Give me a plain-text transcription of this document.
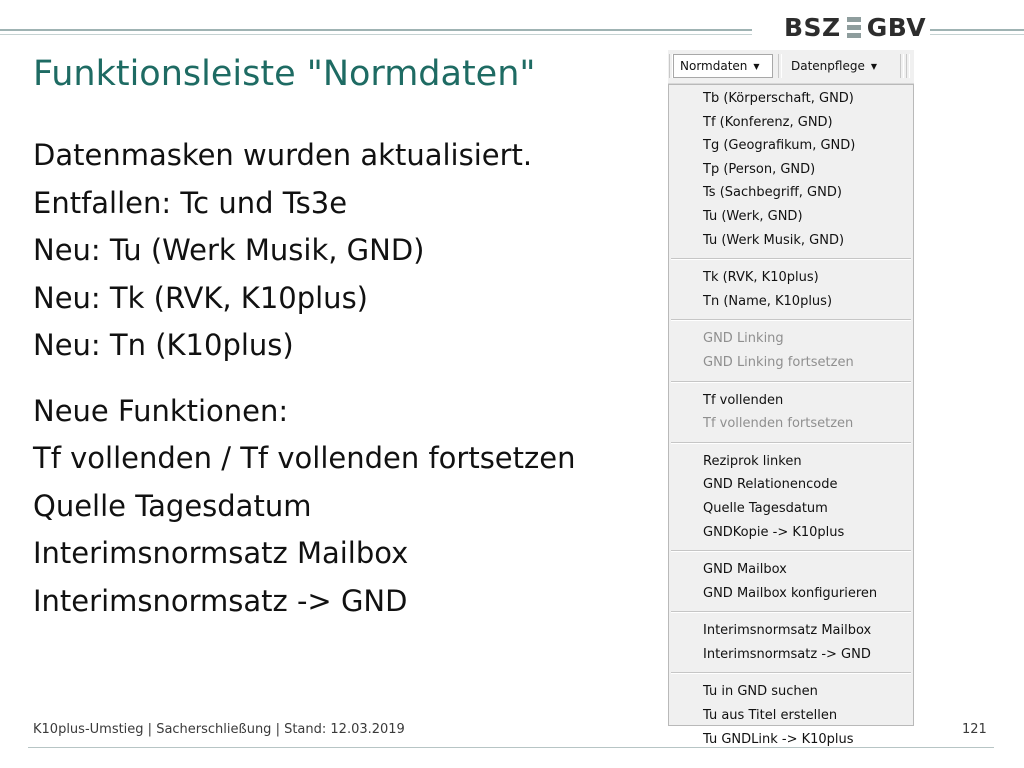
BSZ GBV
Funktionsleiste "Normdaten"
Datenmasken wurden aktualisiert.
Entfallen: Tc und Ts3e
Neu: Tu (Werk Musik, GND)
Neu: Tk (RVK, K10plus)
Neu: Tn (K10plus)
Neue Funktionen:
Tf vollenden / Tf vollenden fortsetzen
Quelle Tagesdatum
Interimsnormsatz Mailbox
Interimsnormsatz -> GND
Normdaten ▼	Datenpflege ▼
Tb (Körperschaft, GND)
Tf (Konferenz, GND)
Tg (Geografikum, GND)
Tp (Person, GND)
Ts (Sachbegriff, GND)
Tu (Werk, GND)
Tu (Werk Musik, GND)
Tk (RVK, K10plus)
Tn (Name, K10plus)
GND Linking
GND Linking fortsetzen
Tf vollenden
Tf vollenden fortsetzen
Reziprok linken
GND Relationencode
Quelle Tagesdatum
GNDKopie -> K10plus
GND Mailbox
GND Mailbox konfigurieren
Interimsnormsatz Mailbox
Interimsnormsatz -> GND
Tu in GND suchen
Tu aus Titel erstellen
Tu GNDLink -> K10plus
K10plus-Umstieg | Sacherschließung | Stand: 12.03.2019	121
